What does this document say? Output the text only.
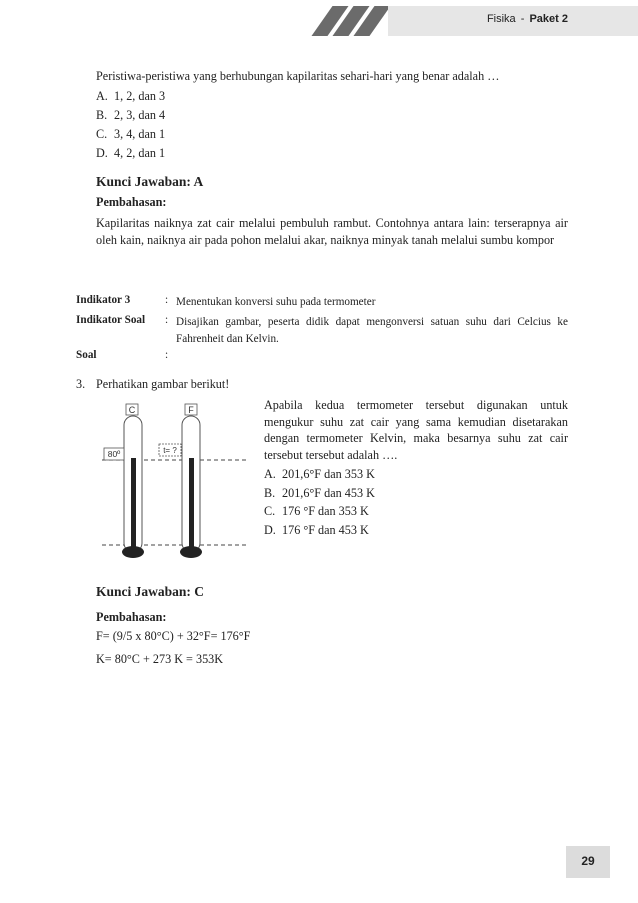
Fisika - Paket 2
Peristiwa-peristiwa yang berhubungan kapilaritas sehari-hari yang benar adalah …
A. 1, 2, dan 3
B. 2, 3, dan 4
C. 3, 4, dan 1
D. 4, 2, dan 1
Kunci Jawaban: A
Pembahasan:
Kapilaritas naiknya zat cair melalui pembuluh rambut. Contohnya antara lain: terserapnya air oleh kain, naiknya air pada pohon melalui akar, naiknya minyak tanah melalui sumbu kompor
Indikator 3	: Menentukan konversi suhu pada termometer
Indikator Soal : Disajikan gambar, peserta didik dapat mengonversi satuan suhu dari Celcius ke Fahrenheit dan Kelvin.
Soal	:
3. Perhatikan gambar berikut!
C
80º
F
t= ?
Apabila kedua termometer tersebut digunakan untuk mengukur suhu zat cair yang sama kemudian disetarakan dengan termometer Kelvin, maka besarnya suhu zat cair tersebut tersebut adalah ….
A. 201,6°F dan 353 K
B. 201,6°F dan 453 K
C. 176 °F dan 353 K
D. 176 °F dan 453 K
Kunci Jawaban: C
Pembahasan:
F= (9/5 x 80°C) + 32°F= 176°F
K= 80°C + 273 K = 353K
29
